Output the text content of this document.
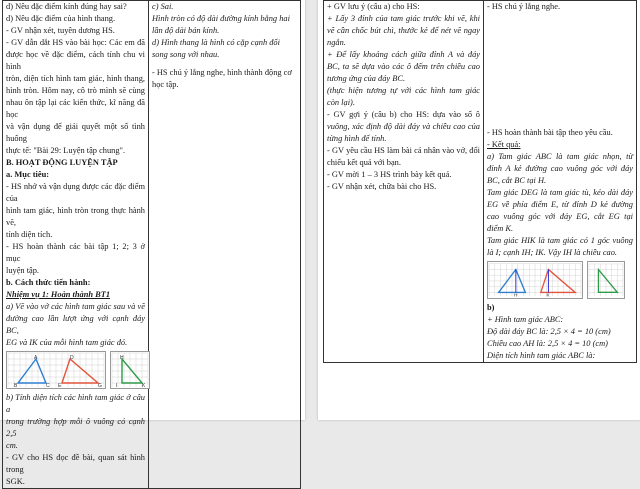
d) Nêu đặc điểm kính đúng hay sai?
d) Nêu đặc điểm của hình thang.
- GV nhận xét, tuyên dương HS.
- GV dẫn dắt HS vào bài học: Các em đã
được học về đặc điểm, cách tính chu vi hình
tròn, diện tích hình tam giác, hình thang,
hình tròn. Hôm nay, cô trò mình sẽ cùng
nhau ôn tập lại các kiến thức, kĩ năng đã học
và vận dụng để giải quyết một số tình huống
thực tế: "Bài 29: Luyện tập chung".
B. HOẠT ĐỘNG LUYỆN TẬP
a. Mục tiêu:
- HS nhớ và vận dụng được các đặc điểm của
hình tam giác, hình tròn trong thực hành vẽ,
tính diện tích.
- HS hoàn thành các bài tập 1; 2; 3 ở mục
luyện tập.
b. Cách thức tiến hành:
Nhiệm vụ 1: Hoàn thành BT1
a) Vẽ vào vở các hình tam giác sau và vẽ
đường cao lần lượt ứng với cạnh đáy BC,
EG và IK của mỗi hình tam giác đó.
A
B	C
D
E	G
H
I	K
b) Tính diện tích các hình tam giác ở câu a
trong trường hợp mỗi ô vuông có cạnh 2,5
cm.
- GV cho HS đọc đề bài, quan sát hình trong
SGK.

c) Sai.
Hình tròn có độ dài đường kính bằng hai
lần độ dài bán kính.
d) Hình thang là hình có cặp cạnh đối
song song với nhau.
- HS chú ý lắng nghe, hình thành động cơ
học tập.
+ GV lưu ý (câu a) cho HS:
+ Lấy 3 đỉnh của tam giác trước khi vẽ, khi
vẽ cần chốc bút chì, thước kẻ để nét vẽ ngay
ngắn.
+ Để lấy khoảng cách giữa đỉnh A và đáy
BC, ta sẽ dựa vào các ô đếm trên chiều cao
tương ứng của đáy BC.
(thực hiện tương tự với các hình tam giác
còn lại).
- GV gợi ý (câu b) cho HS: dựa vào số ô
vuông, xác định độ dài đáy và chiều cao của
từng hình để tính.
- GV yêu cầu HS làm bài cá nhân vào vở, đổi
chiếu kết quả với bạn.
- GV mời 1 – 3 HS trình bày kết quả.
- GV nhận xét, chữa bài cho HS.

- HS chú ý lắng nghe.
- HS hoàn thành bài tập theo yêu cầu.
- Kết quả:
a) Tam giác ABC là tam giác nhọn, từ
đỉnh A kẻ đường cao vuông góc với đáy
BC, cắt BC tại H.
Tam giác DEG là tam giác tù, kéo dài đáy
EG về phía điểm E, từ đỉnh D kẻ đường
cao vuông góc với đáy EG, cắt EG tại
điểm K.
Tam giác HIK là tam giác có 1 góc vuông
là I; cạnh IH; IK. Vậy IH là chiều cao.
H	K
b)
+ Hình tam giác ABC:
Độ dài đáy BC là: 2,5 × 4 = 10 (cm)
Chiều cao AH là: 2,5 × 4 = 10 (cm)
Diện tích hình tam giác ABC là:
